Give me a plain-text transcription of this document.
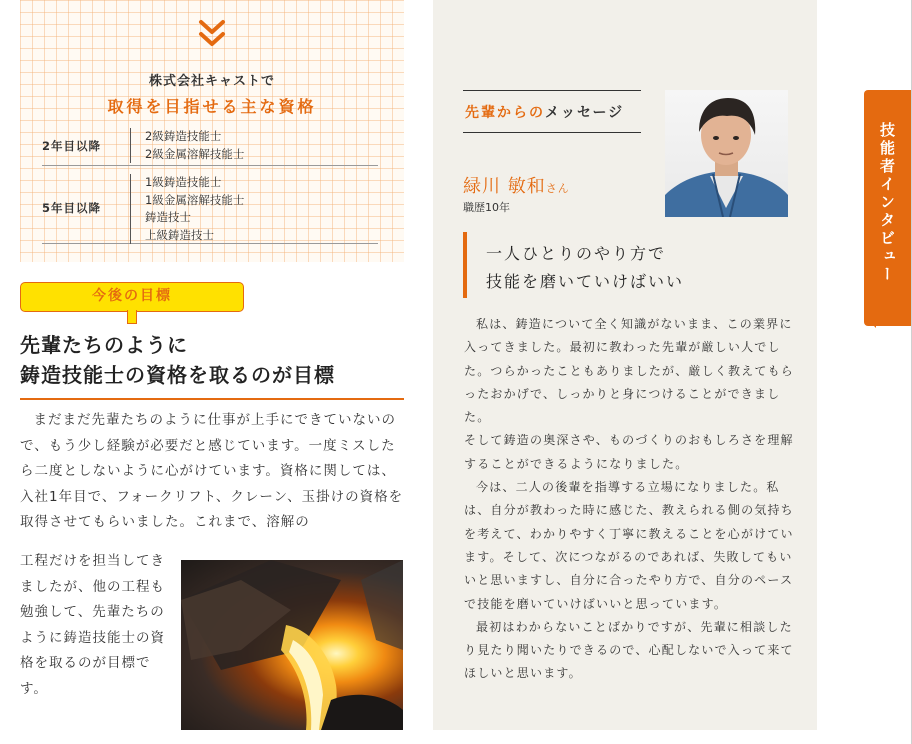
株式会社キャストで
取得を目指せる主な資格
2年目以降
2級鋳造技能士
2級金属溶解技能士
5年目以降
1級鋳造技能士
1級金属溶解技能士
鋳造技士
上級鋳造技士
今後の目標
先輩たちのように
鋳造技能士の資格を取るのが目標

まだまだ先輩たちのように仕事が上手にできていないので、もう少し経験が必要だと感じています。一度ミスしたら二度としないように心がけています。資格に関しては、入社1年目で、フォークリフト、クレーン、玉掛けの資格を取得させてもらいました。これまで、溶解の

工程だけを担当してきましたが、他の工程も勉強して、先輩たちのように鋳造技能士の資格を取るのが目標です。

先輩からのメッセージ
緑川 敏和さん
職歴10年
一人ひとりのやり方で
技能を磨いていけばいい

私は、鋳造について全く知識がないまま、この業界に入ってきました。最初に教わった先輩が厳しい人でした。つらかったこともありましたが、厳しく教えてもらったおかげで、しっかりと身につけることができました。

そして鋳造の奥深さや、ものづくりのおもしろさを理解することができるようになりました。

今は、二人の後輩を指導する立場になりました。私は、自分が教わった時に感じた、教えられる側の気持ちを考えて、わかりやすく丁寧に教えることを心がけています。そして、次につながるのであれば、失敗してもいいと思いますし、自分に合ったやり方で、自分のペースで技能を磨いていけばいいと思っています。

最初はわからないことばかりですが、先輩に相談したり見たり聞いたりできるので、心配しないで入って来てほしいと思います。

技能者インタビュー
